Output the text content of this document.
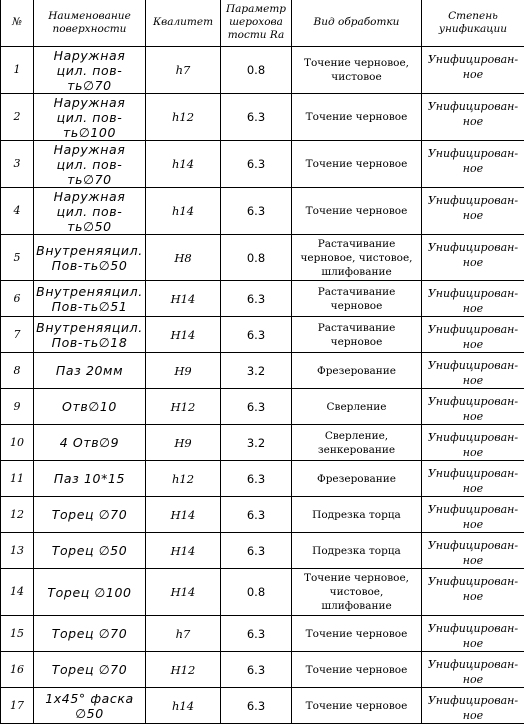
№	Наименование поверхности	Квалитет	Параметр шерохова тости Ra	Вид обработки	Степень унификации
1	Наружная цил. пов-ть∅70	h7	0.8	Точение черновое, чистовое	Унифицирован-ное
2	Наружная цил. пов-ть∅100	h12	6.3	Точение черновое	Унифицирован-ное
3	Наружная цил. пов-ть∅70	h14	6.3	Точение черновое	Унифицирован-ное
4	Наружная цил. пов-ть∅50	h14	6.3	Точение черновое	Унифицирован-ное
5	Внутреняяцил. Пов-ть∅50	H8	0.8	Растачивание черновое, чистовое, шлифование	Унифицирован-ное
6	Внутреняяцил. Пов-ть∅51	H14	6.3	Растачивание черновое	Унифицирован-ное
7	Внутреняяцил. Пов-ть∅18	H14	6.3	Растачивание черновое	Унифицирован-ное
8	Паз 20мм	H9	3.2	Фрезерование	Унифицирован-ное
9	Отв∅10	H12	6.3	Сверление	Унифицирован-ное
10	4 Отв∅9	H9	3.2	Сверление, зенкерование	Унифицирован-ное
11	Паз 10*15	h12	6.3	Фрезерование	Унифицирован-ное
12	Торец ∅70	H14	6.3	Подрезка торца	Унифицирован-ное
13	Торец ∅50	H14	6.3	Подрезка торца	Унифицирован-ное
14	Торец ∅100	H14	0.8	Точение черновое, чистовое, шлифование	Унифицирован-ное
15	Торец ∅70	h7	6.3	Точение черновое	Унифицирован-ное
16	Торец ∅70	H12	6.3	Точение черновое	Унифицирован-ное
17	1х45° фаска ∅50	h14	6.3	Точение черновое	Унифицирован-ное
